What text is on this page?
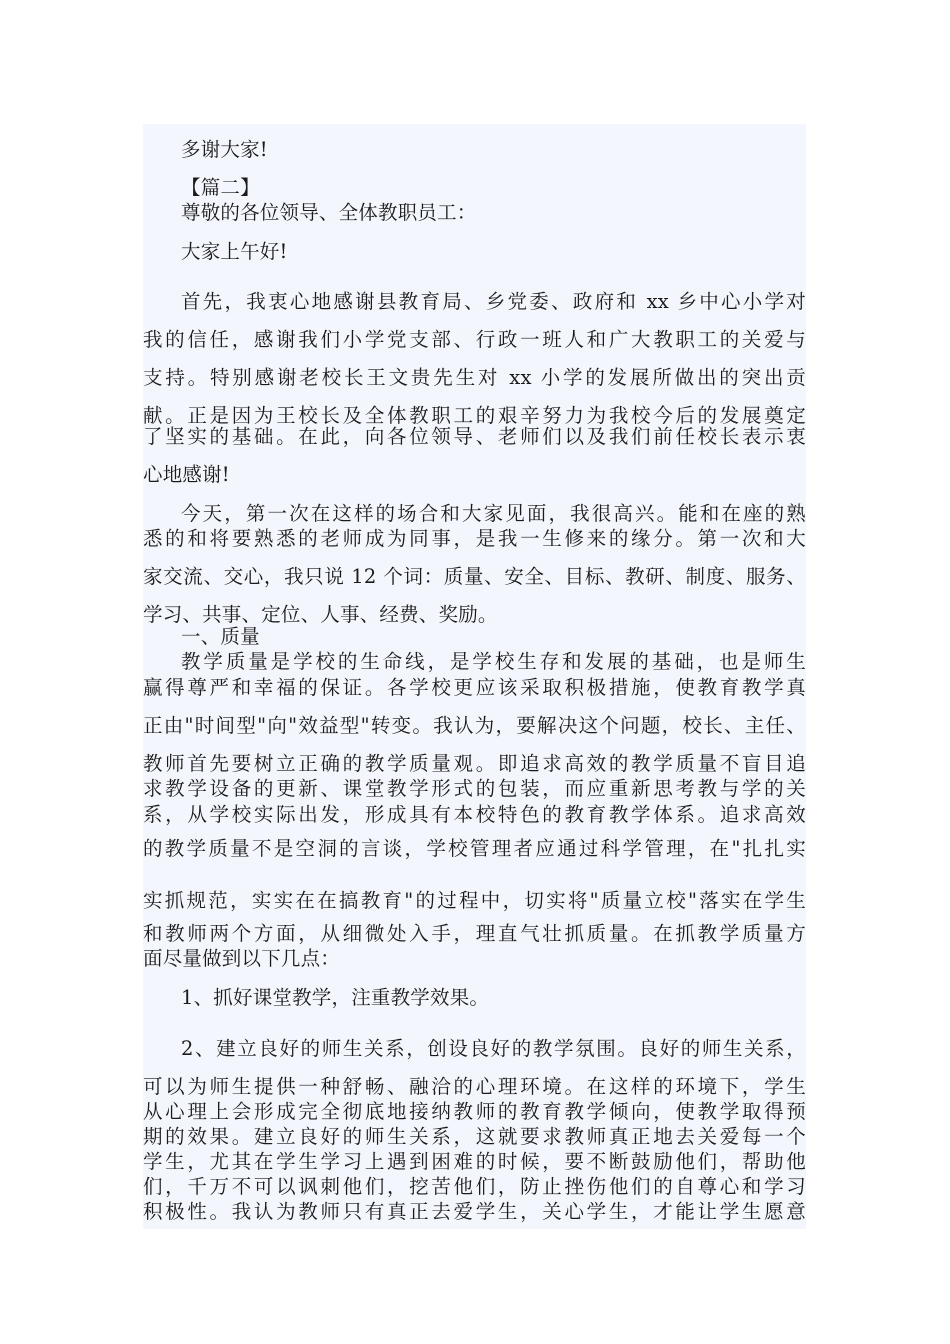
多谢大家!
【篇二】
尊敬的各位领导、全体教职员工：
大家上午好!
首先，我衷心地感谢县教育局、乡党委、政府和 xx 乡中心小学对
我的信任，感谢我们小学党支部、行政一班人和广大教职工的关爱与
支持。特别感谢老校长王文贵先生对 xx 小学的发展所做出的突出贡
献。正是因为王校长及全体教职工的艰辛努力为我校今后的发展奠定
了坚实的基础。在此，向各位领导、老师们以及我们前任校长表示衷
心地感谢!
今天，第一次在这样的场合和大家见面，我很高兴。能和在座的熟
悉的和将要熟悉的老师成为同事，是我一生修来的缘分。第一次和大
家交流、交心，我只说 12 个词：质量、安全、目标、教研、制度、服务、
学习、共事、定位、人事、经费、奖励。
一、质量
教学质量是学校的生命线，是学校生存和发展的基础，也是师生
赢得尊严和幸福的保证。各学校更应该采取积极措施，使教育教学真
正由"时间型"向"效益型"转变。我认为，要解决这个问题，校长、主任、
教师首先要树立正确的教学质量观。即追求高效的教学质量不盲目追
求教学设备的更新、课堂教学形式的包装，而应重新思考教与学的关
系，从学校实际出发，形成具有本校特色的教育教学体系。追求高效
的教学质量不是空洞的言谈，学校管理者应通过科学管理，在"扎扎实
实抓规范，实实在在搞教育"的过程中，切实将"质量立校"落实在学生
和教师两个方面，从细微处入手，理直气壮抓质量。在抓教学质量方
面尽量做到以下几点：
1、抓好课堂教学，注重教学效果。
2、建立良好的师生关系，创设良好的教学氛围。良好的师生关系，
可以为师生提供一种舒畅、融洽的心理环境。在这样的环境下，学生
从心理上会形成完全彻底地接纳教师的教育教学倾向，使教学取得预
期的效果。建立良好的师生关系，这就要求教师真正地去关爱每一个
学生，尤其在学生学习上遇到困难的时候，要不断鼓励他们，帮助他
们，千万不可以讽刺他们，挖苦他们，防止挫伤他们的自尊心和学习
积极性。我认为教师只有真正去爱学生，关心学生，才能让学生愿意
